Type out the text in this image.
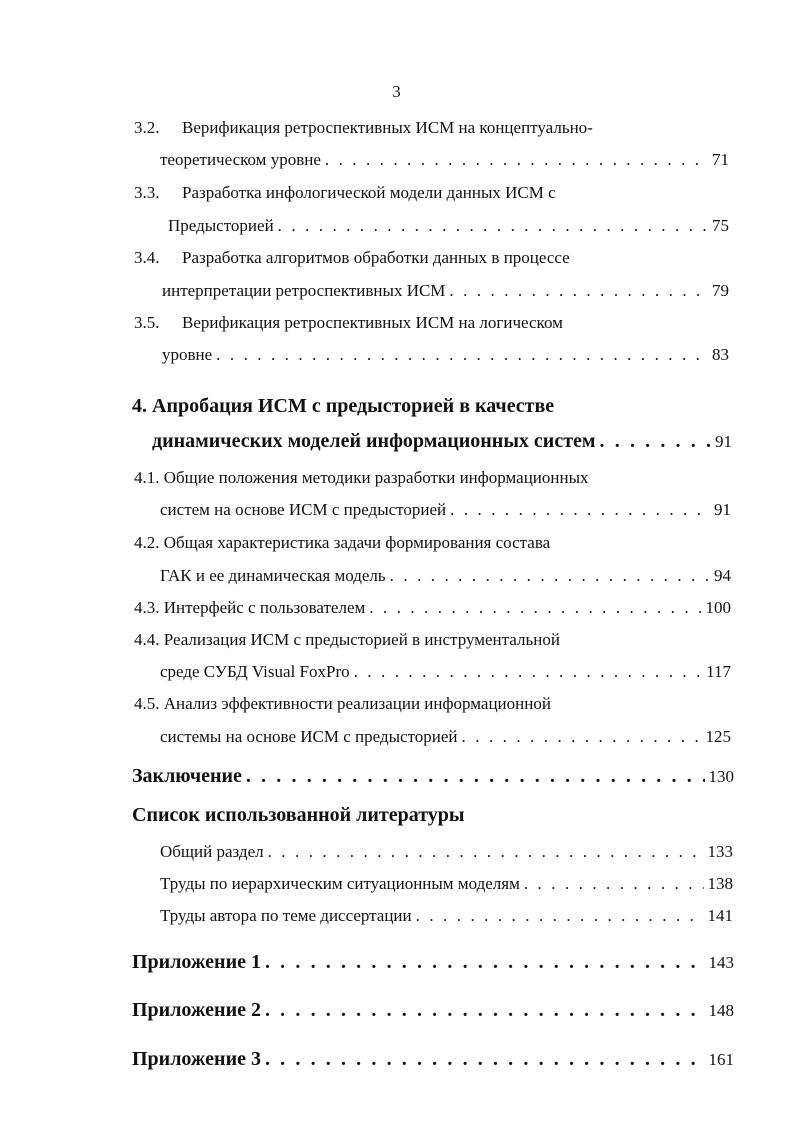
3
3.2. Верификация ретроспективных ИСМ на концептуально-
теоретическом уровне . . .	71
3.3. Разработка инфологической модели данных ИСМ с
Предысторией . . .	75
3.4. Разработка алгоритмов обработки данных в процессе
интерпретации ретроспективных ИСМ . . .	79
3.5. Верификация ретроспективных ИСМ на логическом
уровне . . .	83
4. Апробация ИСМ с предысторией в качестве
динамических моделей информационных систем . . .	91
4.1. Общие положения методики разработки информационных
систем на основе ИСМ с предысторией . . .	91
4.2. Общая характеристика задачи формирования состава
ГАК и ее динамическая модель . . .	94
4.3. Интерфейс с пользователем . . .	100
4.4. Реализация ИСМ с предысторией в инструментальной
среде СУБД Visual FoxPro . . .	117
4.5. Анализ эффективности реализации информационной
системы на основе ИСМ с предысторией . . .	125
Заключение . . .	130
Список использованной литературы
Общий раздел . . .	133
Труды по иерархическим ситуационным моделям . . .	138
Труды автора по теме диссертации . . .	141
Приложение 1 . . .	143
Приложение 2 . . .	148
Приложение 3 . . .	161
